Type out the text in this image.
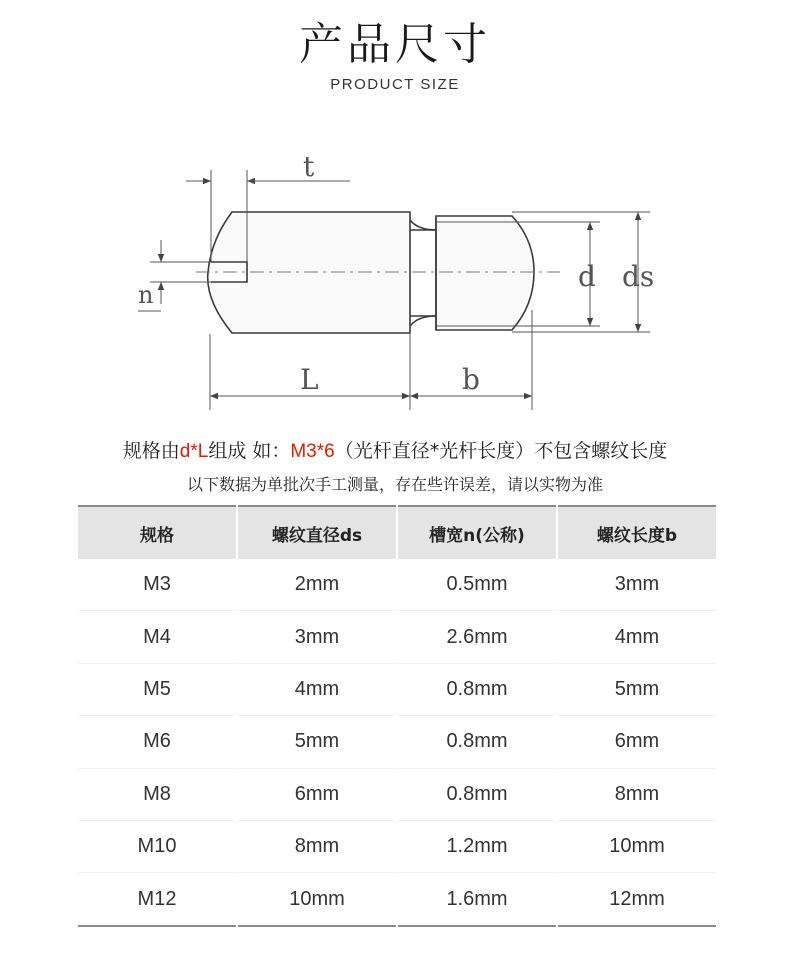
产品尺寸
PRODUCT SIZE
t
n
L	b
d ds
规格由d*L组成 如：M3*6（光杆直径*光杆长度）不包含螺纹长度
以下数据为单批次手工测量，存在些许误差，请以实物为准
规格	螺纹直径ds	槽宽n(公称)	螺纹长度b
M3	2mm	0.5mm	3mm
M4	3mm	2.6mm	4mm
M5	4mm	0.8mm	5mm
M6	5mm	0.8mm	6mm
M8	6mm	0.8mm	8mm
M10	8mm	1.2mm	10mm
M12	10mm	1.6mm	12mm
